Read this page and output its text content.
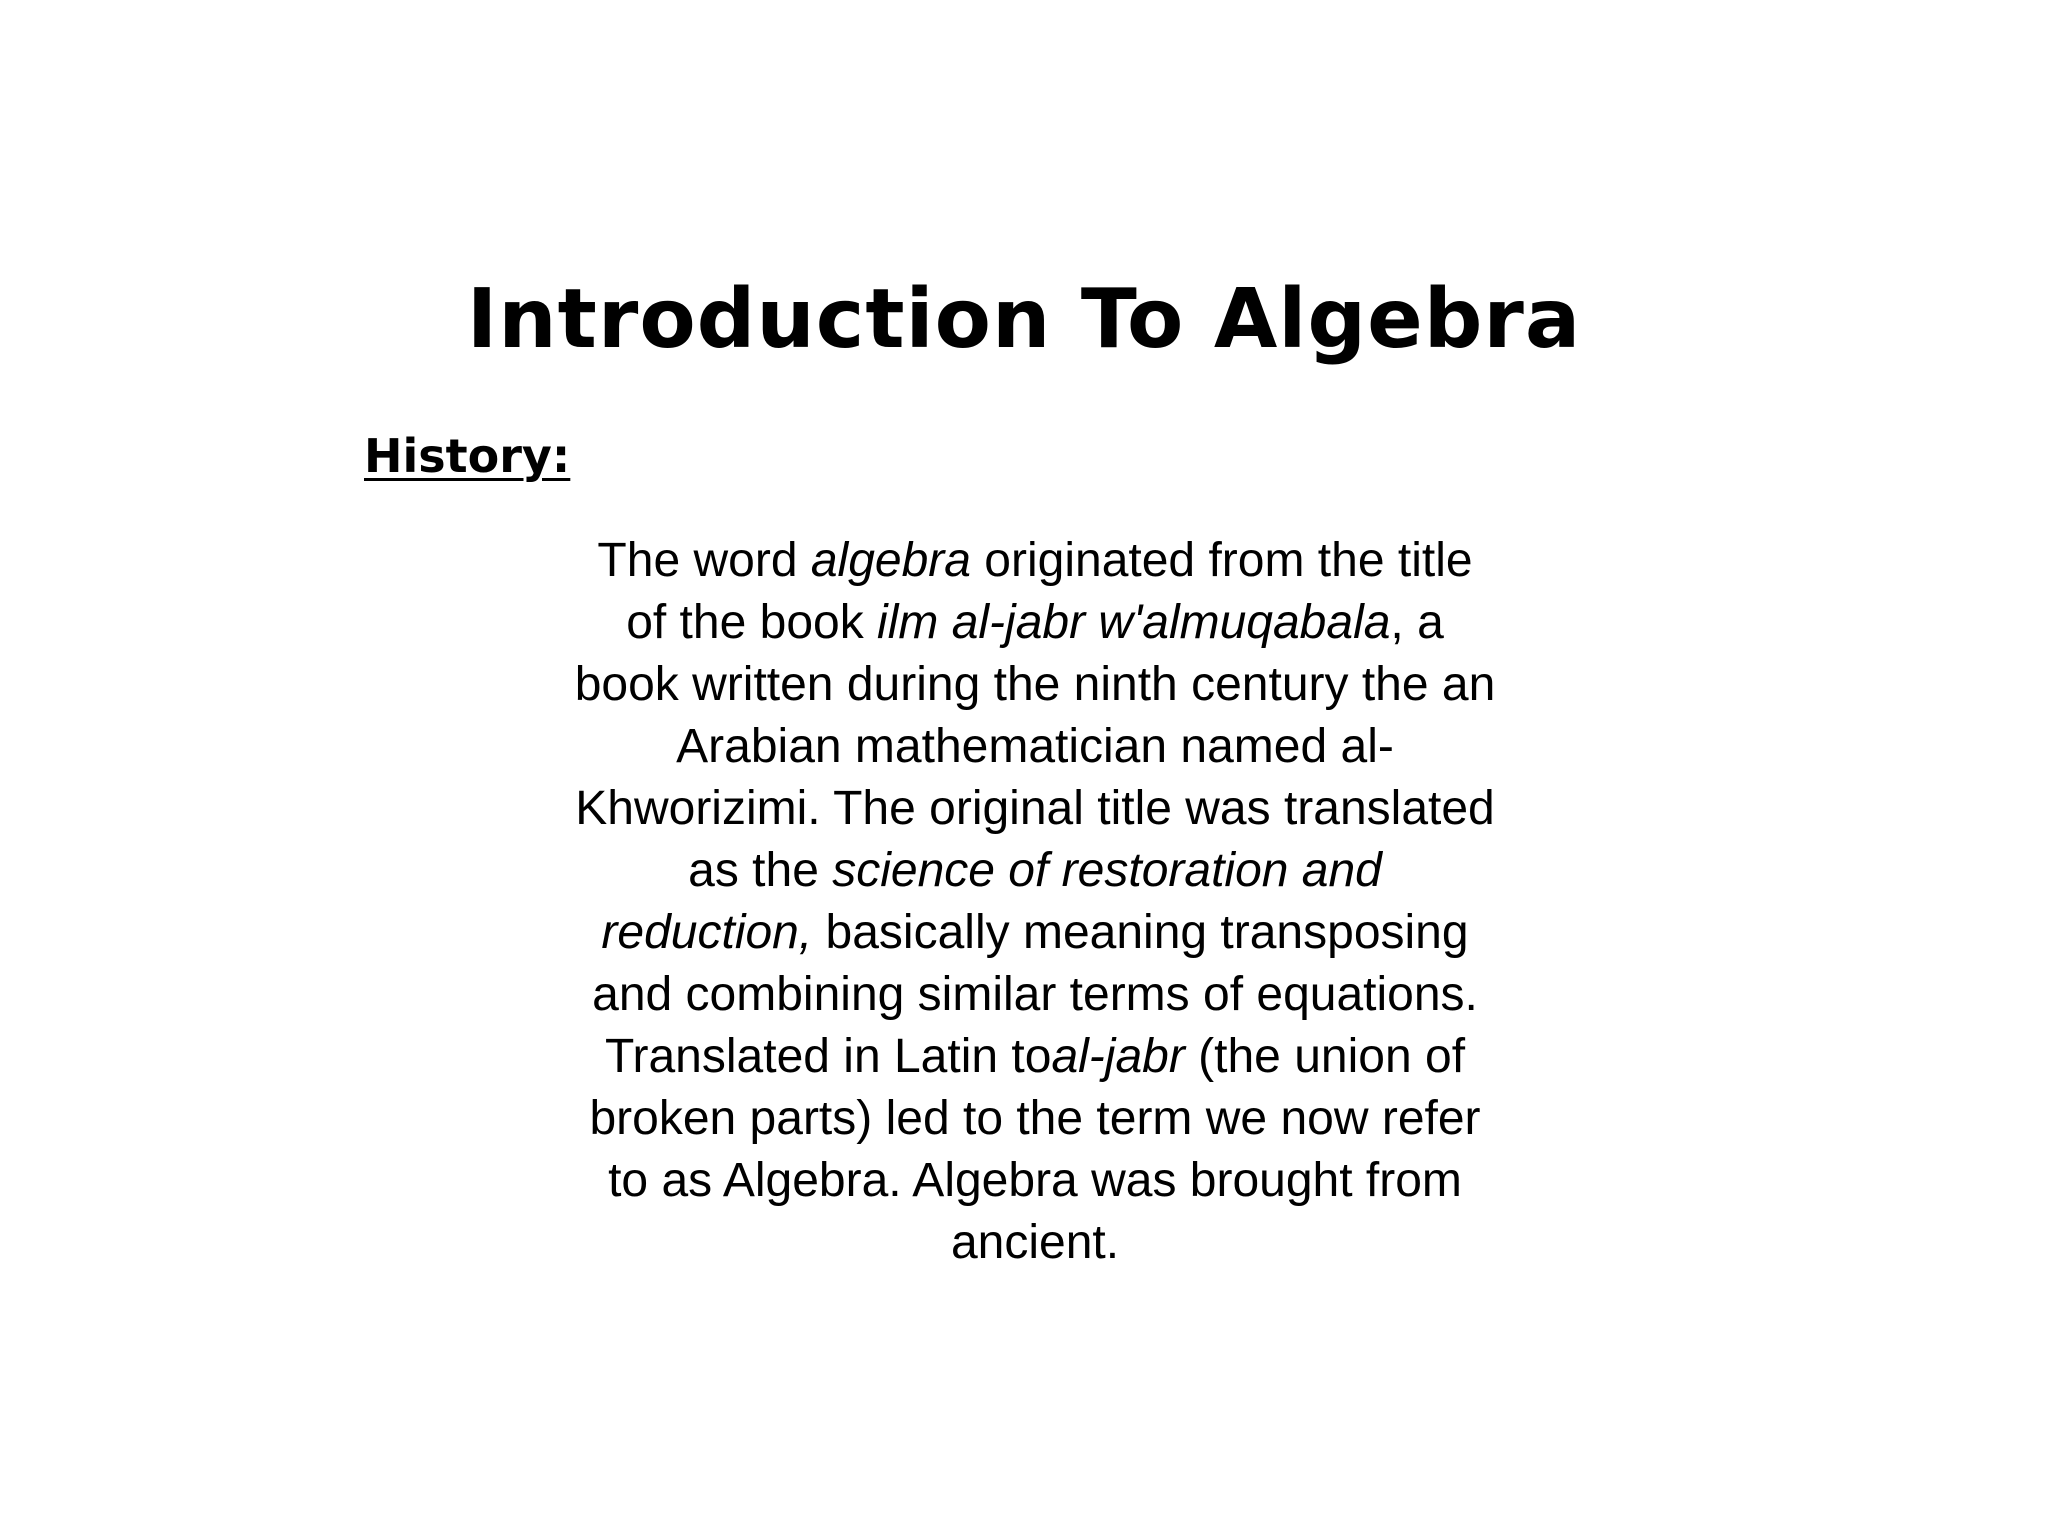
Introduction To Algebra
History:

The word algebra originated from the title
of the book ilm al-jabr w'almuqabala, a
book written during the ninth century the an
Arabian mathematician named al-
Khworizimi. The original title was translated
as the science of restoration and
reduction, basically meaning transposing
and combining similar terms of equations.
Translated in Latin toal-jabr (the union of
broken parts) led to the term we now refer
to as Algebra. Algebra was brought from
ancient.
